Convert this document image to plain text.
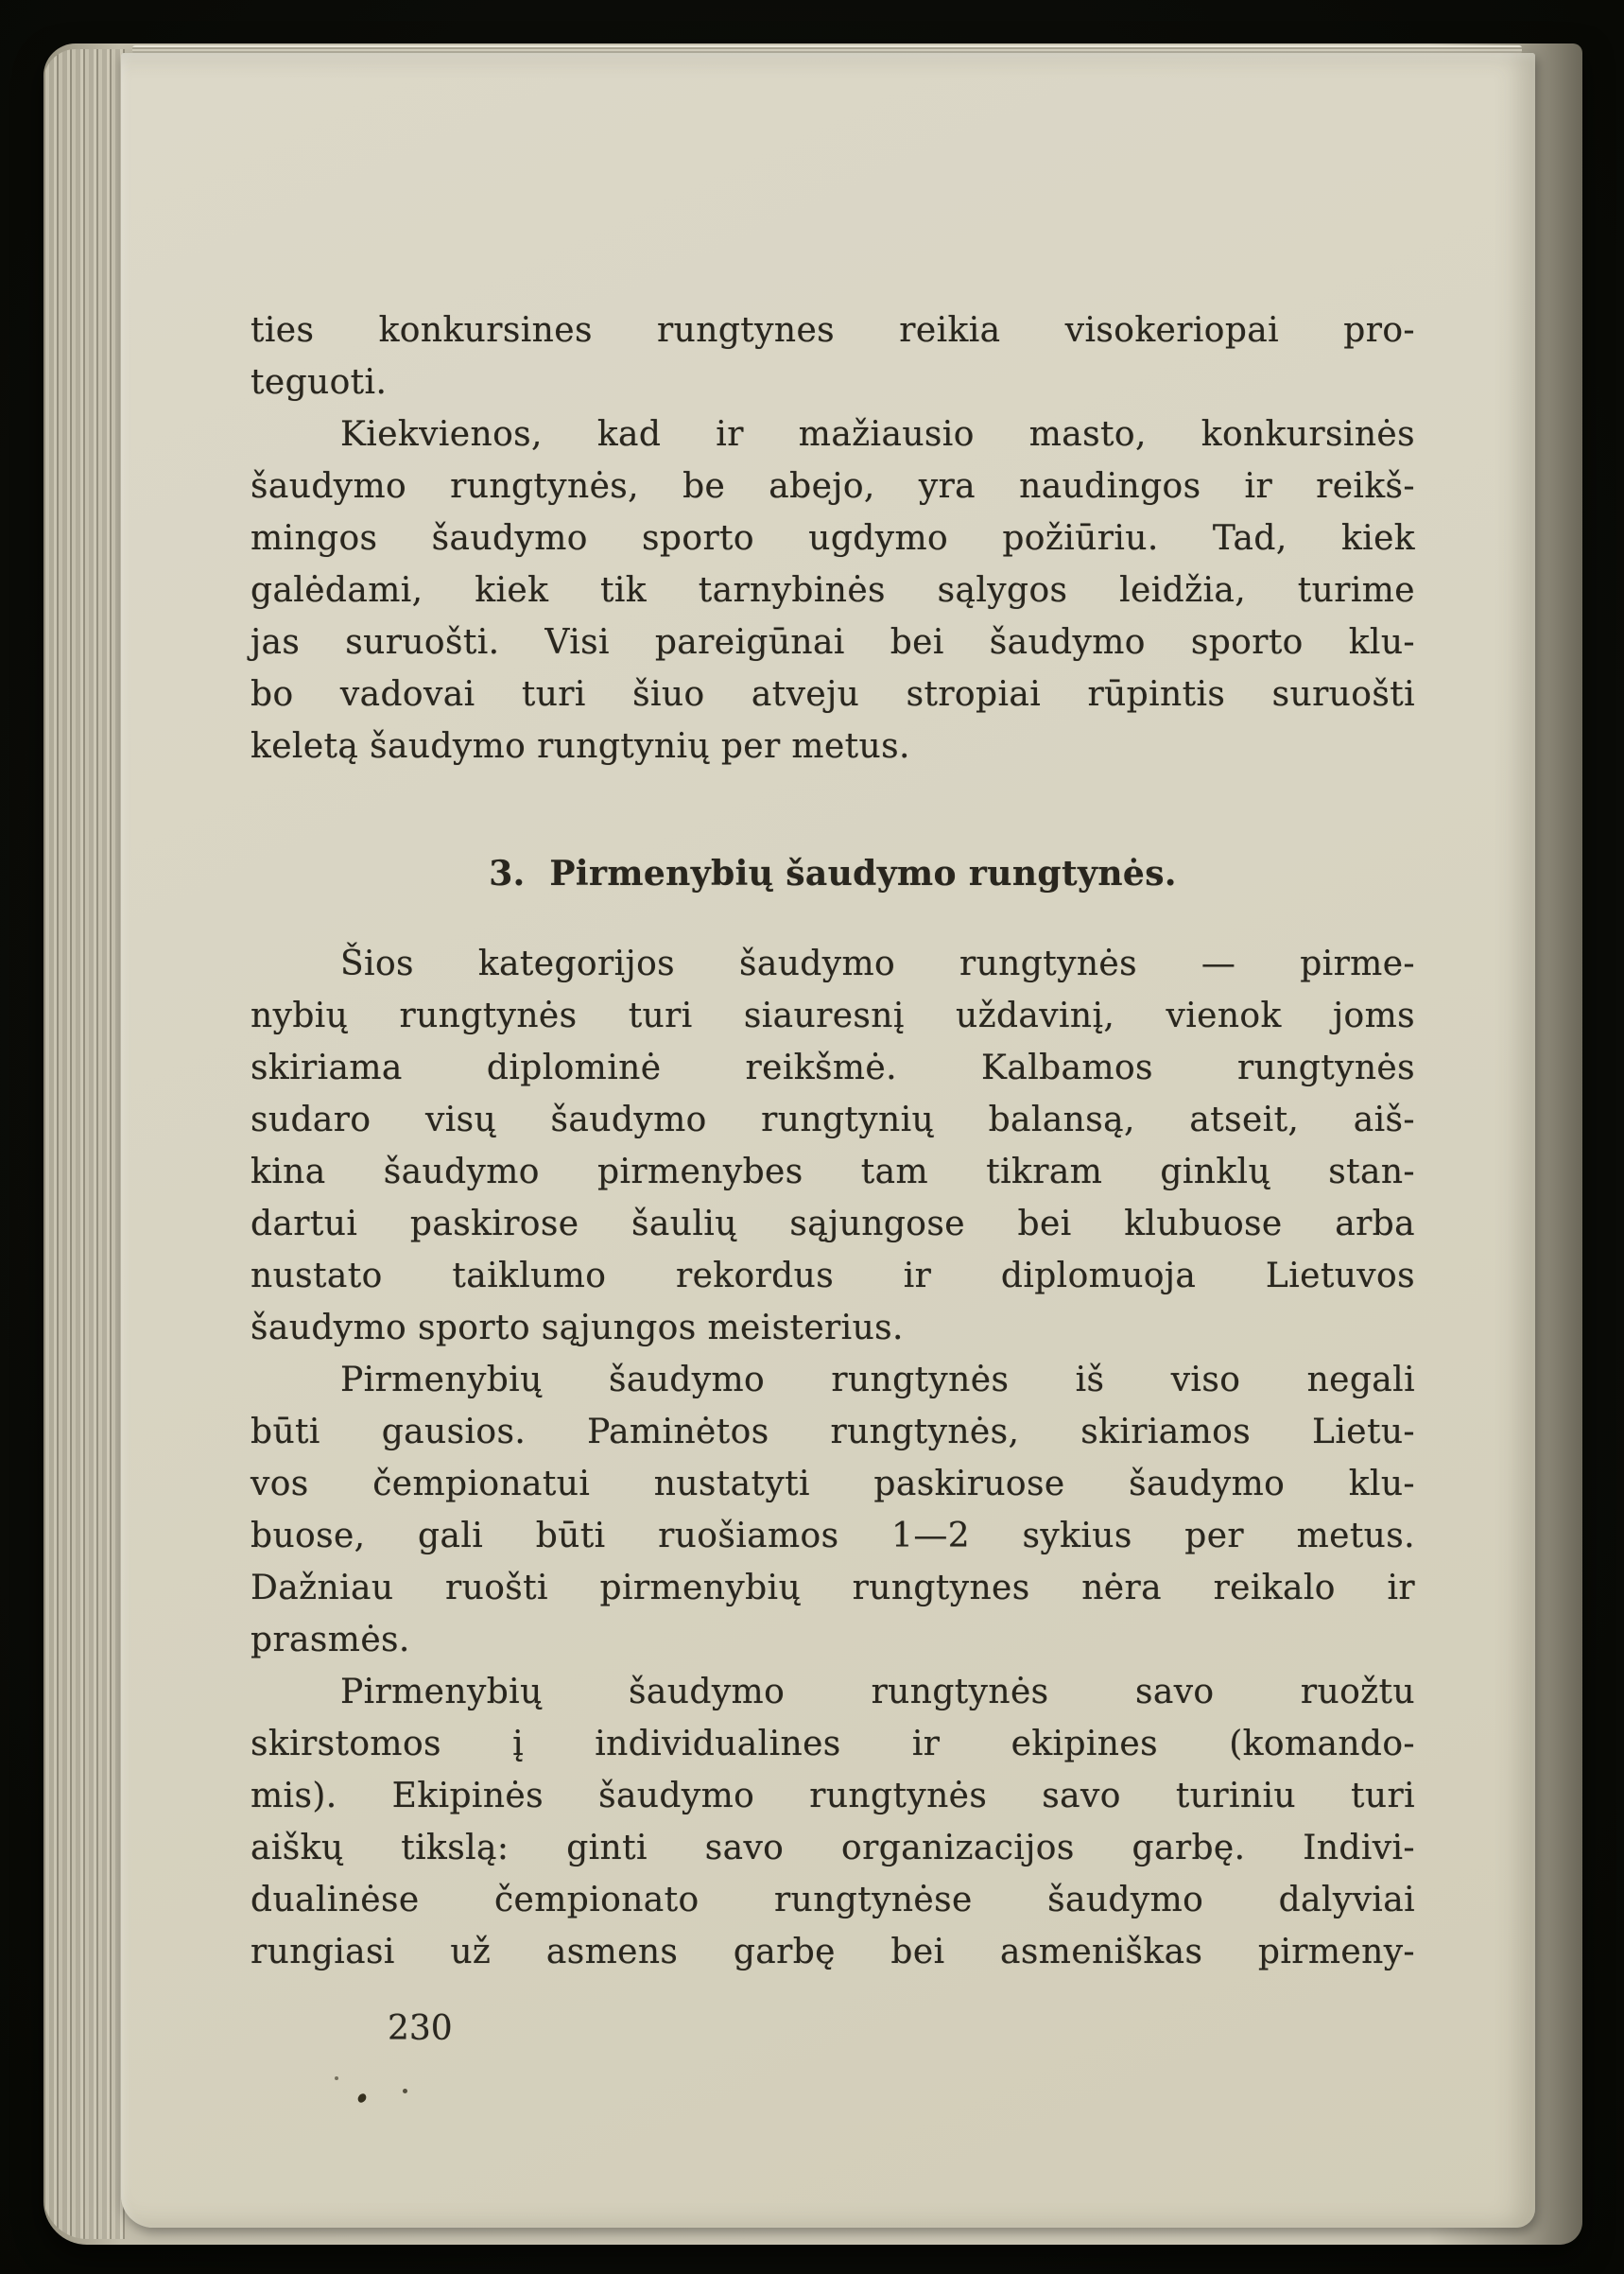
ties konkursines rungtynes reikia visokeriopai pro-
teguoti.
Kiekvienos, kad ir mažiausio masto, konkursinės
šaudymo rungtynės, be abejo, yra naudingos ir reikš-
mingos šaudymo sporto ugdymo požiūriu. Tad, kiek
galėdami, kiek tik tarnybinės sąlygos leidžia, turime
jas suruošti. Visi pareigūnai bei šaudymo sporto klu-
bo vadovai turi šiuo atveju stropiai rūpintis suruošti
keletą šaudymo rungtynių per metus.
3.  Pirmenybių šaudymo rungtynės.
Šios kategorijos šaudymo rungtynės — pirme-
nybių rungtynės turi siauresnį uždavinį, vienok joms
skiriama diplominė reikšmė. Kalbamos rungtynės
sudaro visų šaudymo rungtynių balansą, atseit, aiš-
kina šaudymo pirmenybes tam tikram ginklų stan-
dartui paskirose šaulių sąjungose bei klubuose arba
nustato taiklumo rekordus ir diplomuoja Lietuvos
šaudymo sporto sąjungos meisterius.
Pirmenybių šaudymo rungtynės iš viso negali
būti gausios. Paminėtos rungtynės, skiriamos Lietu-
vos čempionatui nustatyti paskiruose šaudymo klu-
buose, gali būti ruošiamos 1—2 sykius per metus.
Dažniau ruošti pirmenybių rungtynes nėra reikalo ir
prasmės.
Pirmenybių šaudymo rungtynės savo ruožtu
skirstomos į individualines ir ekipines (komando-
mis). Ekipinės šaudymo rungtynės savo turiniu turi
aiškų tikslą: ginti savo organizacijos garbę. Indivi-
dualinėse čempionato rungtynėse šaudymo dalyviai
rungiasi už asmens garbę bei asmeniškas pirmeny-
230
